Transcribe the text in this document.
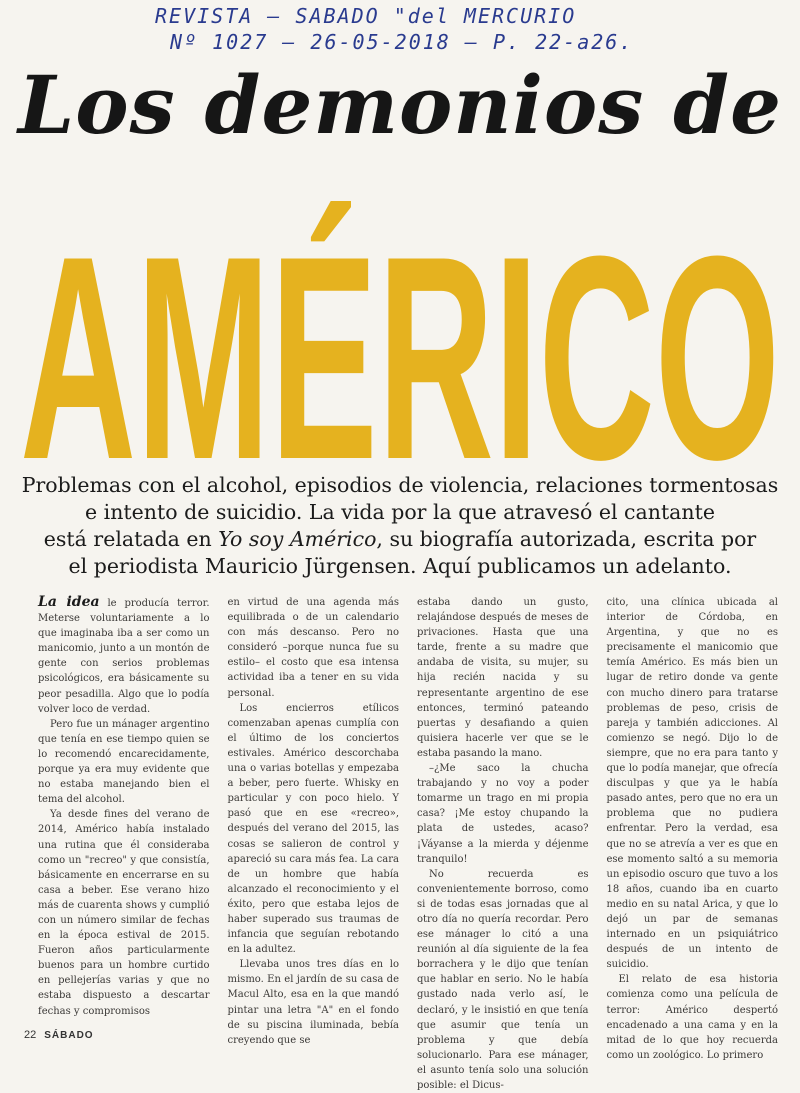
REVISTA – SABADO "del MERCURIO
Nº 1027 – 26-05-2018 – P. 22-a26.
Los demonios de
AMÉRICO

Problemas con el alcohol, episodios de violencia, relaciones tormentosas

e intento de suicidio. La vida por la que atravesó el cantante

está relatada en Yo soy Américo, su biografía autorizada, escrita por

el periodista Mauricio Jürgensen. Aquí publicamos un adelanto.

La idea le producía terror. Meterse voluntariamente a lo que imaginaba iba a ser como un manicomio, junto a un montón de gente con serios problemas psicológicos, era básicamente su peor pesadilla. Algo que lo podía volver loco de verdad.

Pero fue un mánager argentino que tenía en ese tiempo quien se lo recomendó encarecidamente, porque ya era muy evidente que no estaba manejando bien el tema del alcohol.

Ya desde fines del verano de 2014, Américo había instalado una rutina que él consideraba como un "recreo" y que consistía, básicamente en encerrarse en su casa a beber. Ese verano hizo más de cuarenta shows y cumplió con un número similar de fechas en la época estival de 2015. Fueron años particularmente buenos para un hombre curtido en pellejerías varias y que no estaba dispuesto a descartar fechas y compromisos

en virtud de una agenda más equilibrada o de un calendario con más descanso. Pero no consideró –porque nunca fue su estilo– el costo que esa intensa actividad iba a tener en su vida personal.

Los encierros etílicos comenzaban apenas cumplía con el último de los conciertos estivales. Américo descorchaba una o varias botellas y empezaba a beber, pero fuerte. Whisky en particular y con poco hielo. Y pasó que en ese «recreo», después del verano del 2015, las cosas se salieron de control y apareció su cara más fea. La cara de un hombre que había alcanzado el reconocimiento y el éxito, pero que estaba lejos de haber superado sus traumas de infancia que seguían rebotando en la adultez.

Llevaba unos tres días en lo mismo. En el jardín de su casa de Macul Alto, esa en la que mandó pintar una letra "A" en el fondo de su piscina iluminada, bebía creyendo que se

estaba dando un gusto, relajándose después de meses de privaciones. Hasta que una tarde, frente a su madre que andaba de visita, su mujer, su hija recién nacida y su representante argentino de ese entonces, terminó pateando puertas y desafiando a quien quisiera hacerle ver que se le estaba pasando la mano.

–¿Me saco la chucha trabajando y no voy a poder tomarme un trago en mi propia casa? ¡Me estoy chupando la plata de ustedes, acaso? ¡Váyanse a la mierda y déjenme tranquilo!

No recuerda es convenientemente borroso, como si de todas esas jornadas que al otro día no quería recordar. Pero ese mánager lo citó a una reunión al día siguiente de la fea borrachera y le dijo que tenían que hablar en serio. No le había gustado nada verlo así, le declaró, y le insistió en que tenía que asumir que tenía un problema y que debía solucionarlo. Para ese mánager, el asunto tenía solo una solución posible: el Dicus-

cito, una clínica ubicada al interior de Córdoba, en Argentina, y que no es precisamente el manicomio que temía Américo. Es más bien un lugar de retiro donde va gente con mucho dinero para tratarse problemas de peso, crisis de pareja y también adicciones. Al comienzo se negó. Dijo lo de siempre, que no era para tanto y que lo podía manejar, que ofrecía disculpas y que ya le había pasado antes, pero que no era un problema que no pudiera enfrentar. Pero la verdad, esa que no se atrevía a ver es que en ese momento saltó a su memoria un episodio oscuro que tuvo a los 18 años, cuando iba en cuarto medio en su natal Arica, y que lo dejó un par de semanas internado en un psiquiátrico después de un intento de suicidio.

El relato de esa historia comienza como una película de terror: Américo despertó encadenado a una cama y en la mitad de lo que hoy recuerda como un zoológico. Lo primero

22 SÁBADO
